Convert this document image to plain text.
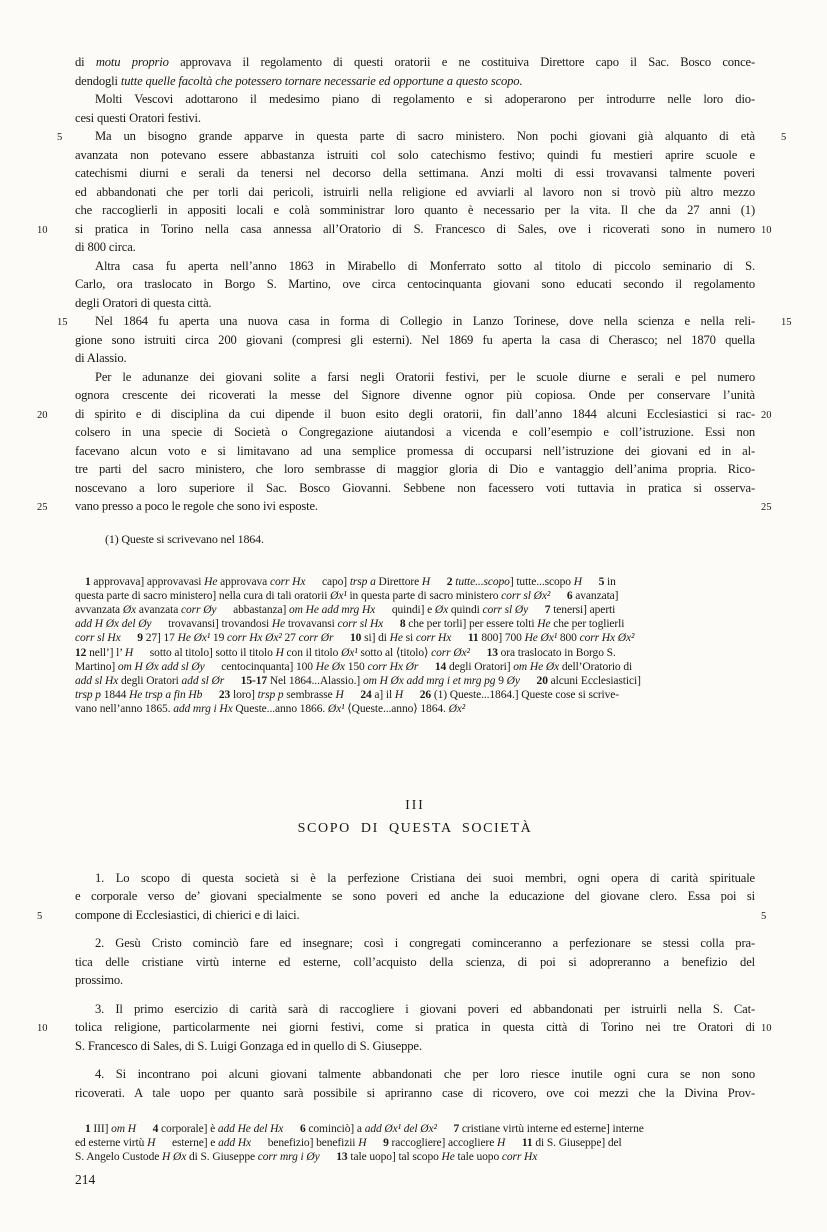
di motu proprio approvava il regolamento di questi oratorii e ne costituiva Direttore capo il Sac. Bosco conce-
dendogli tutte quelle facoltà che potessero tornare necessarie ed opportune a questo scopo.
Molti Vescovi adottarono il medesimo piano di regolamento e si adoperarono per introdurre nelle loro dio-
cesi questi Oratori festivi.
5	5
Ma un bisogno grande apparve in questa parte di sacro ministero. Non pochi giovani già alquanto di età
avanzata non potevano essere abbastanza istruiti col solo catechismo festivo; quindi fu mestieri aprire scuole e
catechismi diurni e serali da tenersi nel decorso della settimana. Anzi molti di essi trovavansi talmente poveri
ed abbandonati che per torli dai pericoli, istruirli nella religione ed avviarli al lavoro non si trovò più altro mezzo
che raccoglierli in appositi locali e colà somministrar loro quanto è necessario per la vita. Il che da 27 anni (1)
10	10
si pratica in Torino nella casa annessa all’Oratorio di S. Francesco di Sales, ove i ricoverati sono in numero
di 800 circa.
Altra casa fu aperta nell’anno 1863 in Mirabello di Monferrato sotto al titolo di piccolo seminario di S.
Carlo, ora traslocato in Borgo S. Martino, ove circa centocinquanta giovani sono educati secondo il regolamento
degli Oratori di questa città.
15	15
Nel 1864 fu aperta una nuova casa in forma di Collegio in Lanzo Torinese, dove nella scienza e nella reli-
gione sono istruiti circa 200 giovani (compresi gli esterni). Nel 1869 fu aperta la casa di Cherasco; nel 1870 quella
di Alassio.
Per le adunanze dei giovani solite a farsi negli Oratorii festivi, per le scuole diurne e serali e pel numero
ognora crescente dei ricoverati la messe del Signore divenne ognor più copiosa. Onde per conservare l’unità
20	20
di spirito e di disciplina da cui dipende il buon esito degli oratorii, fin dall’anno 1844 alcuni Ecclesiastici si rac-
colsero in una specie di Società o Congregazione aiutandosi a vicenda e coll’esempio e coll’istruzione. Essi non
facevano alcun voto e si limitavano ad una semplice promessa di occuparsi nell’istruzione dei giovani ed in al-
tre parti del sacro ministero, che loro sembrasse di maggior gloria di Dio e vantaggio dell’anima propria. Rico-
noscevano a loro superiore il Sac. Bosco Giovanni. Sebbene non facessero voti tuttavia in pratica si osserva-
25	25
vano presso a poco le regole che sono ivi esposte.
(1) Queste si scrivevano nel 1864.
1 approvava] approvavasi He approvava corr Hx capo] trsp a Direttore H 2 tutte...scopo] tutte...scopo H 5 in
questa parte di sacro ministero] nella cura di tali oratorii Øx¹ in questa parte di sacro ministero corr sl Øx² 6 avanzata]
avvanzata Øx avanzata corr Øy abbastanza] om He add mrg Hx quindi] e Øx quindi corr sl Øy 7 tenersi] aperti
add H Øx del Øy trovavansi] trovandosi He trovavansi corr sl Hx 8 che per torli] per essere tolti He che per toglierli
corr sl Hx 9 27] 17 He Øx¹ 19 corr Hx Øx² 27 corr Ør 10 si] di He si corr Hx 11 800] 700 He Øx¹ 800 corr Hx Øx²
12 nell’] l’ H sotto al titolo] sotto il titolo H con il titolo Øx¹ sotto al ⟨titolo⟩ corr Øx² 13 ora traslocato in Borgo S.
Martino] om H Øx add sl Øy centocinquanta] 100 He Øx 150 corr Hx Ør 14 degli Oratori] om He Øx dell’Oratorio di
add sl Hx degli Oratori add sl Ør 15-17 Nel 1864...Alassio.] om H Øx add mrg i et mrg pg 9 Øy 20 alcuni Ecclesiastici]
trsp p 1844 He trsp a fin Hb 23 loro] trsp p sembrasse H 24 a] il H 26 (1) Queste...1864.] Queste cose si scrive-
vano nell’anno 1865. add mrg i Hx Queste...anno 1866. Øx¹ ⟨Queste...anno⟩ 1864. Øx²
III
SCOPO DI QUESTA SOCIETÀ
1. Lo scopo di questa società si è la perfezione Cristiana dei suoi membri, ogni opera di carità spirituale
e corporale verso de’ giovani specialmente se sono poveri ed anche la educazione del giovane clero. Essa poi si
5	5
compone di Ecclesiastici, di chierici e di laici.
2. Gesù Cristo cominciò fare ed insegnare; così i congregati cominceranno a perfezionare se stessi colla pra-
tica delle cristiane virtù interne ed esterne, coll’acquisto della scienza, di poi si adopreranno a benefizio del
prossimo.
3. Il primo esercizio di carità sarà di raccogliere i giovani poveri ed abbandonati per istruirli nella S. Cat-
10	10
tolica religione, particolarmente nei giorni festivi, come si pratica in questa città di Torino nei tre Oratori di
S. Francesco di Sales, di S. Luigi Gonzaga ed in quello di S. Giuseppe.
4. Si incontrano poi alcuni giovani talmente abbandonati che per loro riesce inutile ogni cura se non sono
ricoverati. A tale uopo per quanto sarà possibile si apriranno case di ricovero, ove coi mezzi che la Divina Prov-
1 III] om H 4 corporale] è add He del Hx 6 cominciò] a add Øx¹ del Øx² 7 cristiane virtù interne ed esterne] interne
ed esterne virtù H esterne] e add Hx benefizio] benefizii H 9 raccogliere] accogliere H 11 di S. Giuseppe] del
S. Angelo Custode H Øx di S. Giuseppe corr mrg i Øy 13 tale uopo] tal scopo He tale uopo corr Hx
214
